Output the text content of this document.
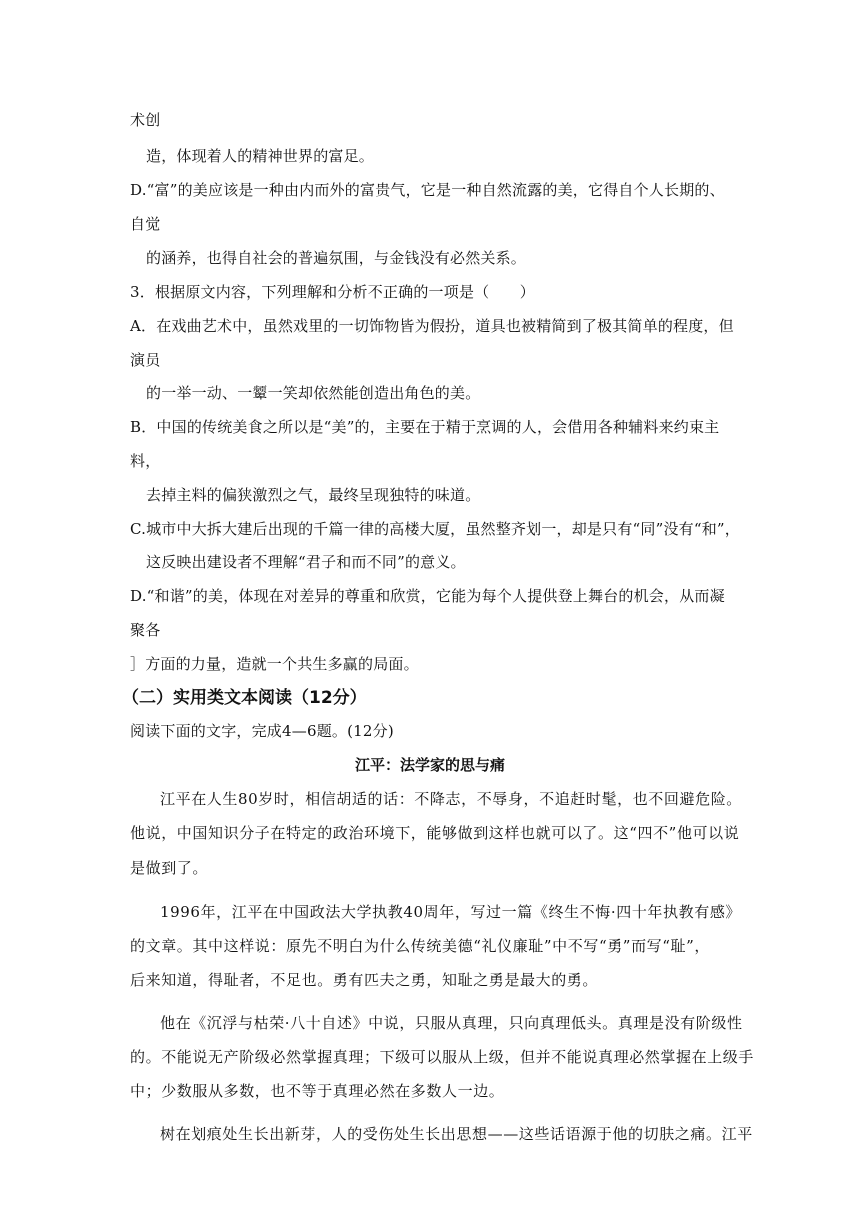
术创
造，体现着人的精神世界的富足。
D.“富”的美应该是一种由内而外的富贵气，它是一种自然流露的美，它得自个人长期的、
自觉
的涵养，也得自社会的普遍氛围，与金钱没有必然关系。
3．根据原文内容，下列理解和分析不正确的一项是（　　）
A．在戏曲艺术中，虽然戏里的一切饰物皆为假扮，道具也被精简到了极其简单的程度，但
演员
的一举一动、一颦一笑却依然能创造出角色的美。
B．中国的传统美食之所以是“美”的，主要在于精于烹调的人，会借用各种辅料来约束主
料，
去掉主料的偏狭激烈之气，最终呈现独特的味道。
C.城市中大拆大建后出现的千篇一律的高楼大厦，虽然整齐划一，却是只有“同”没有“和”，
这反映出建设者不理解“君子和而不同”的意义。
D.“和谐”的美，体现在对差异的尊重和欣赏，它能为每个人提供登上舞台的机会，从而凝
聚各
］方面的力量，造就一个共生多赢的局面。
（二）实用类文本阅读（12分）
阅读下面的文字，完成4—6题。(12分)
江平：法学家的思与痛
江平在人生80岁时，相信胡适的话：不降志，不辱身，不追赶时髦，也不回避危险。
他说，中国知识分子在特定的政治环境下，能够做到这样也就可以了。这“四不”他可以说
是做到了。
1996年，江平在中国政法大学执教40周年，写过一篇《终生不悔·四十年执教有感》
的文章。其中这样说：原先不明白为什么传统美德“礼仪廉耻”中不写“勇”而写“耻”，
后来知道，得耻者，不足也。勇有匹夫之勇，知耻之勇是最大的勇。
他在《沉浮与枯荣·八十自述》中说，只服从真理，只向真理低头。真理是没有阶级性
的。不能说无产阶级必然掌握真理；下级可以服从上级，但并不能说真理必然掌握在上级手
中；少数服从多数，也不等于真理必然在多数人一边。
树在划痕处生长出新芽，人的受伤处生长出思想——这些话语源于他的切肤之痛。江平
